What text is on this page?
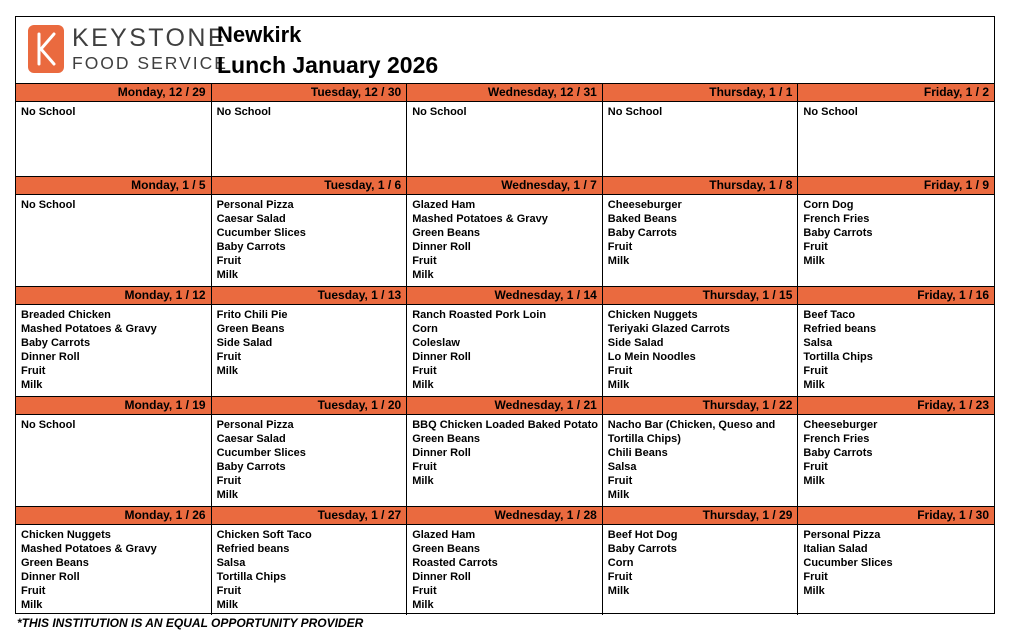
KEYSTONE
FOOD SERVICE
Newkirk
Lunch January 2026
Monday, 12 / 29
No School
Tuesday, 12 / 30
No School
Wednesday, 12 / 31
No School
Thursday, 1 / 1
No School
Friday, 1 / 2
No School
Monday, 1 / 5
No School
Tuesday, 1 / 6
Personal Pizza
Caesar Salad
Cucumber Slices
Baby Carrots
Fruit
Milk
Wednesday, 1 / 7
Glazed Ham
Mashed Potatoes & Gravy
Green Beans
Dinner Roll
Fruit
Milk
Thursday, 1 / 8
Cheeseburger
Baked Beans
Baby Carrots
Fruit
Milk
Friday, 1 / 9
Corn Dog
French Fries
Baby Carrots
Fruit
Milk
Monday, 1 / 12
Breaded Chicken
Mashed Potatoes & Gravy
Baby Carrots
Dinner Roll
Fruit
Milk
Tuesday, 1 / 13
Frito Chili Pie
Green Beans
Side Salad
Fruit
Milk
Wednesday, 1 / 14
Ranch Roasted Pork Loin
Corn
Coleslaw
Dinner Roll
Fruit
Milk
Thursday, 1 / 15
Chicken Nuggets
Teriyaki Glazed Carrots
Side Salad
Lo Mein Noodles
Fruit
Milk
Friday, 1 / 16
Beef Taco
Refried beans
Salsa
Tortilla Chips
Fruit
Milk
Monday, 1 / 19
No School
Tuesday, 1 / 20
Personal Pizza
Caesar Salad
Cucumber Slices
Baby Carrots
Fruit
Milk
Wednesday, 1 / 21
BBQ Chicken Loaded Baked Potato
Green Beans
Dinner Roll
Fruit
Milk
Thursday, 1 / 22
Nacho Bar (Chicken, Queso and Tortilla Chips)
Chili Beans
Salsa
Fruit
Milk
Friday, 1 / 23
Cheeseburger
French Fries
Baby Carrots
Fruit
Milk
Monday, 1 / 26
Chicken Nuggets
Mashed Potatoes & Gravy
Green Beans
Dinner Roll
Fruit
Milk
Tuesday, 1 / 27
Chicken Soft Taco
Refried beans
Salsa
Tortilla Chips
Fruit
Milk
Wednesday, 1 / 28
Glazed Ham
Green Beans
Roasted Carrots
Dinner Roll
Fruit
Milk
Thursday, 1 / 29
Beef Hot Dog
Baby Carrots
Corn
Fruit
Milk
Friday, 1 / 30
Personal Pizza
Italian Salad
Cucumber Slices
Fruit
Milk
*THIS INSTITUTION IS AN EQUAL OPPORTUNITY PROVIDER
